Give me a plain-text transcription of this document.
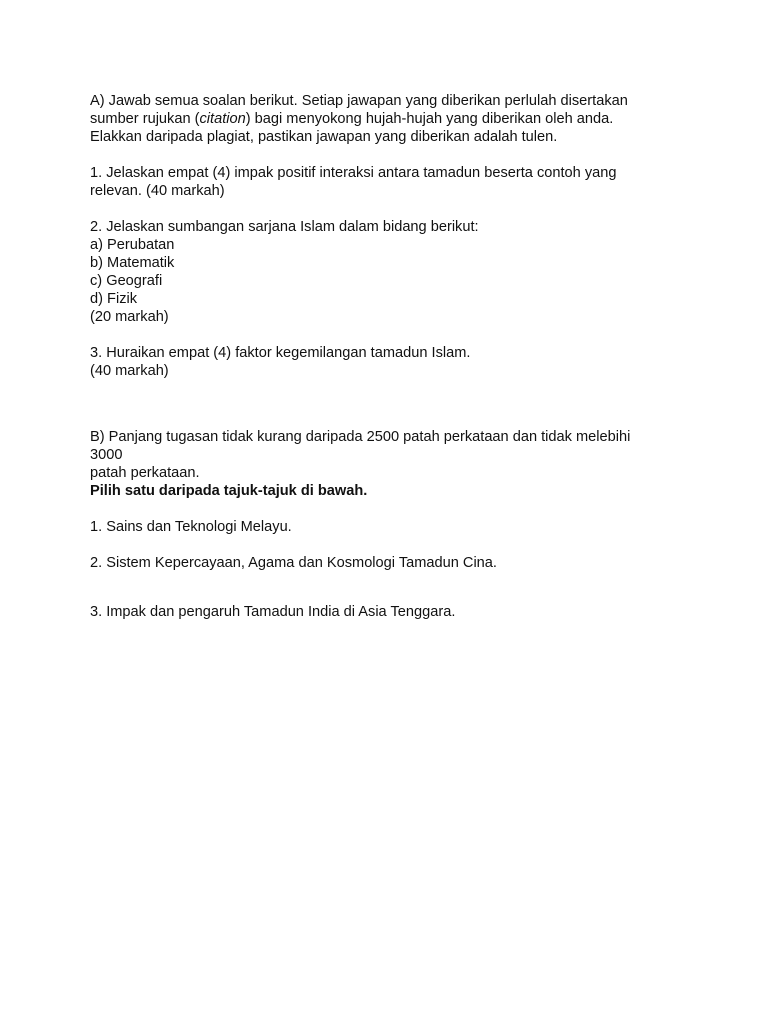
A) Jawab semua soalan berikut. Setiap jawapan yang diberikan perlulah disertakan

sumber rujukan (citation) bagi menyokong hujah-hujah yang diberikan oleh anda.

Elakkan daripada plagiat, pastikan jawapan yang diberikan adalah tulen.

1. Jelaskan empat (4) impak positif interaksi antara tamadun beserta contoh yang

relevan. (40 markah)

2. Jelaskan sumbangan sarjana Islam dalam bidang berikut:

a) Perubatan

b) Matematik

c) Geografi

d) Fizik

(20 markah)

3. Huraikan empat (4) faktor kegemilangan tamadun Islam.

(40 markah)

B) Panjang tugasan tidak kurang daripada 2500 patah perkataan dan tidak melebihi

3000

patah perkataan.

Pilih satu daripada tajuk-tajuk di bawah.

1. Sains dan Teknologi Melayu.

2. Sistem Kepercayaan, Agama dan Kosmologi Tamadun Cina.

3. Impak dan pengaruh Tamadun India di Asia Tenggara.
